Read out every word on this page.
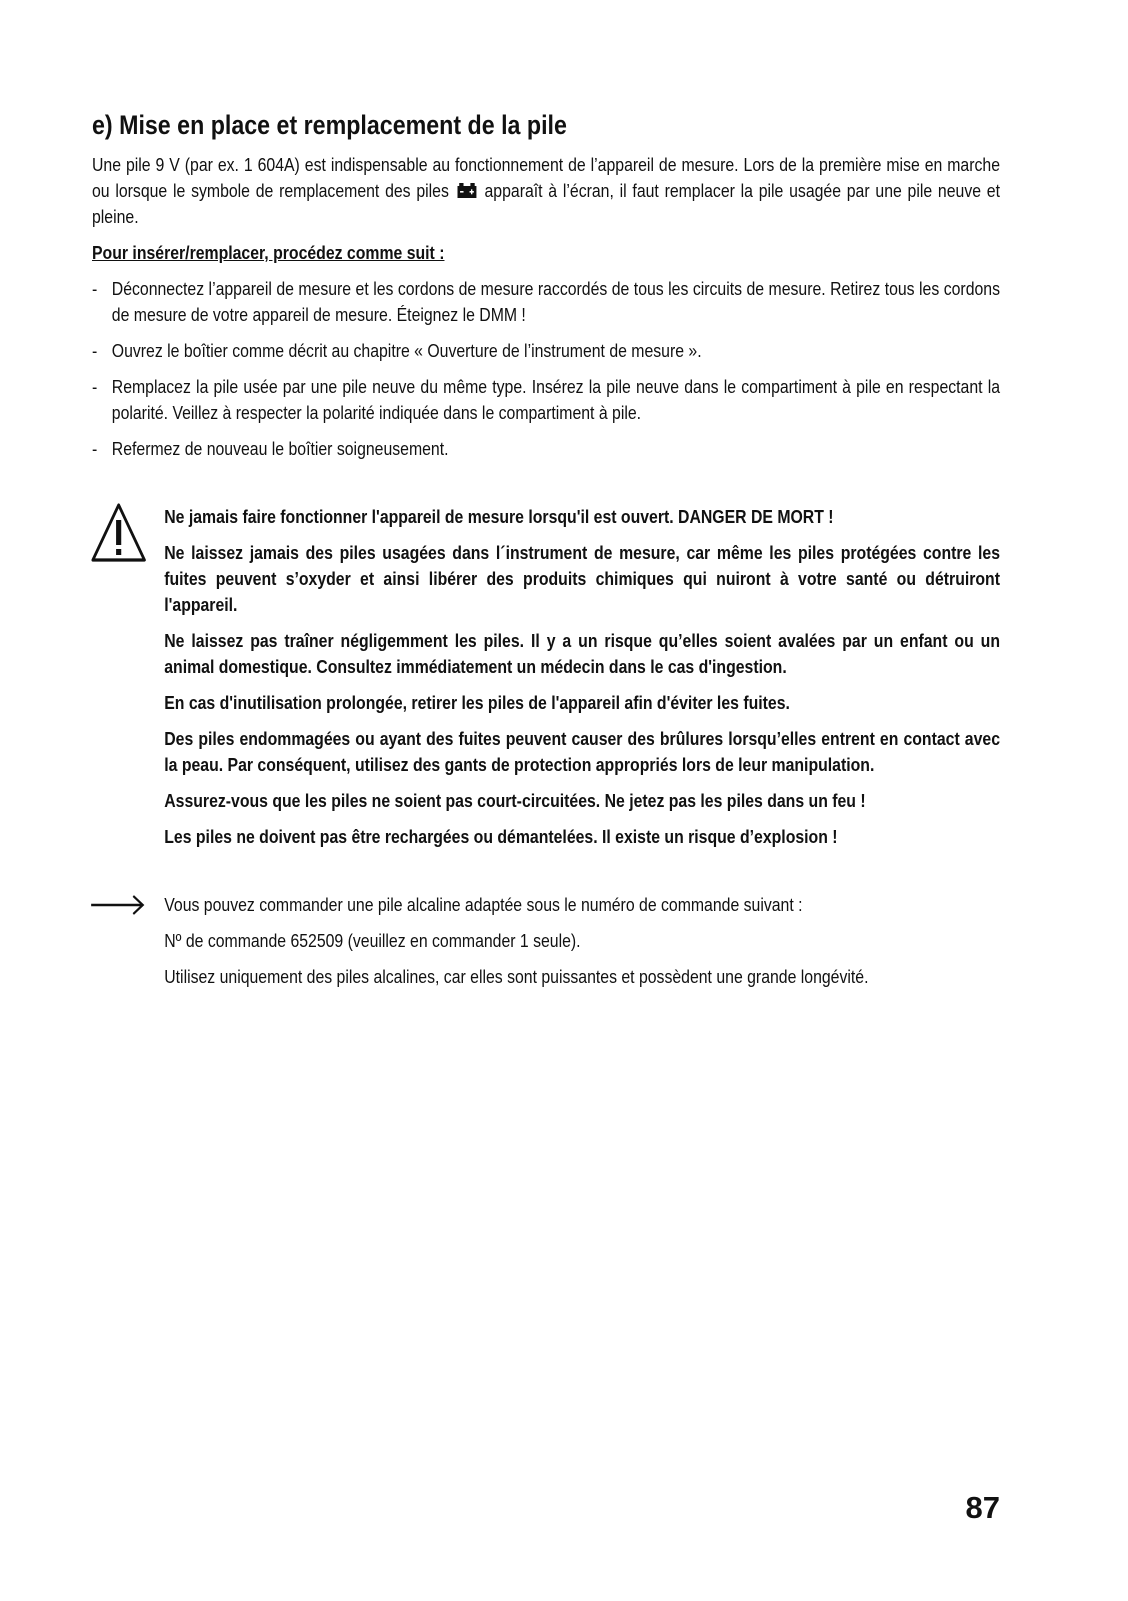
e) Mise en place et remplacement de la pile

Une pile 9 V (par ex. 1 604A) est indispensable au fonctionnement de l’appareil de mesure. Lors de la première mise en marche ou lorsque le symbole de remplacement des piles apparaît à l’écran, il faut remplacer la pile usagée par une pile neuve et pleine.

Pour insérer/remplacer, procédez comme suit :

- Déconnectez l’appareil de mesure et les cordons de mesure raccordés de tous les circuits de mesure. Retirez tous les cordons de mesure de votre appareil de mesure. Éteignez le DMM !
- Ouvrez le boîtier comme décrit au chapitre « Ouverture de l’instrument de mesure ».
- Remplacez la pile usée par une pile neuve du même type. Insérez la pile neuve dans le compartiment à pile en respectant la polarité. Veillez à respecter la polarité indiquée dans le compartiment à pile.
- Refermez de nouveau le boîtier soigneusement.

Ne jamais faire fonctionner l'appareil de mesure lorsqu'il est ouvert. DANGER DE MORT !

Ne laissez jamais des piles usagées dans l´instrument de mesure, car même les piles protégées contre les fuites peuvent s’oxyder et ainsi libérer des produits chimiques qui nuiront à votre santé ou détruiront l'appareil.

Ne laissez pas traîner négligemment les piles. Il y a un risque qu’elles soient avalées par un enfant ou un animal domestique. Consultez immédiatement un médecin dans le cas d'ingestion.

En cas d'inutilisation prolongée, retirer les piles de l'appareil afin d'éviter les fuites.

Des piles endommagées ou ayant des fuites peuvent causer des brûlures lorsqu’elles entrent en contact avec la peau. Par conséquent, utilisez des gants de protection appropriés lors de leur manipulation.

Assurez-vous que les piles ne soient pas court-circuitées. Ne jetez pas les piles dans un feu !

Les piles ne doivent pas être rechargées ou démantelées. Il existe un risque d’explosion !

Vous pouvez commander une pile alcaline adaptée sous le numéro de commande suivant :

Nº de commande 652509 (veuillez en commander 1 seule).

Utilisez uniquement des piles alcalines, car elles sont puissantes et possèdent une grande longévité.

87
